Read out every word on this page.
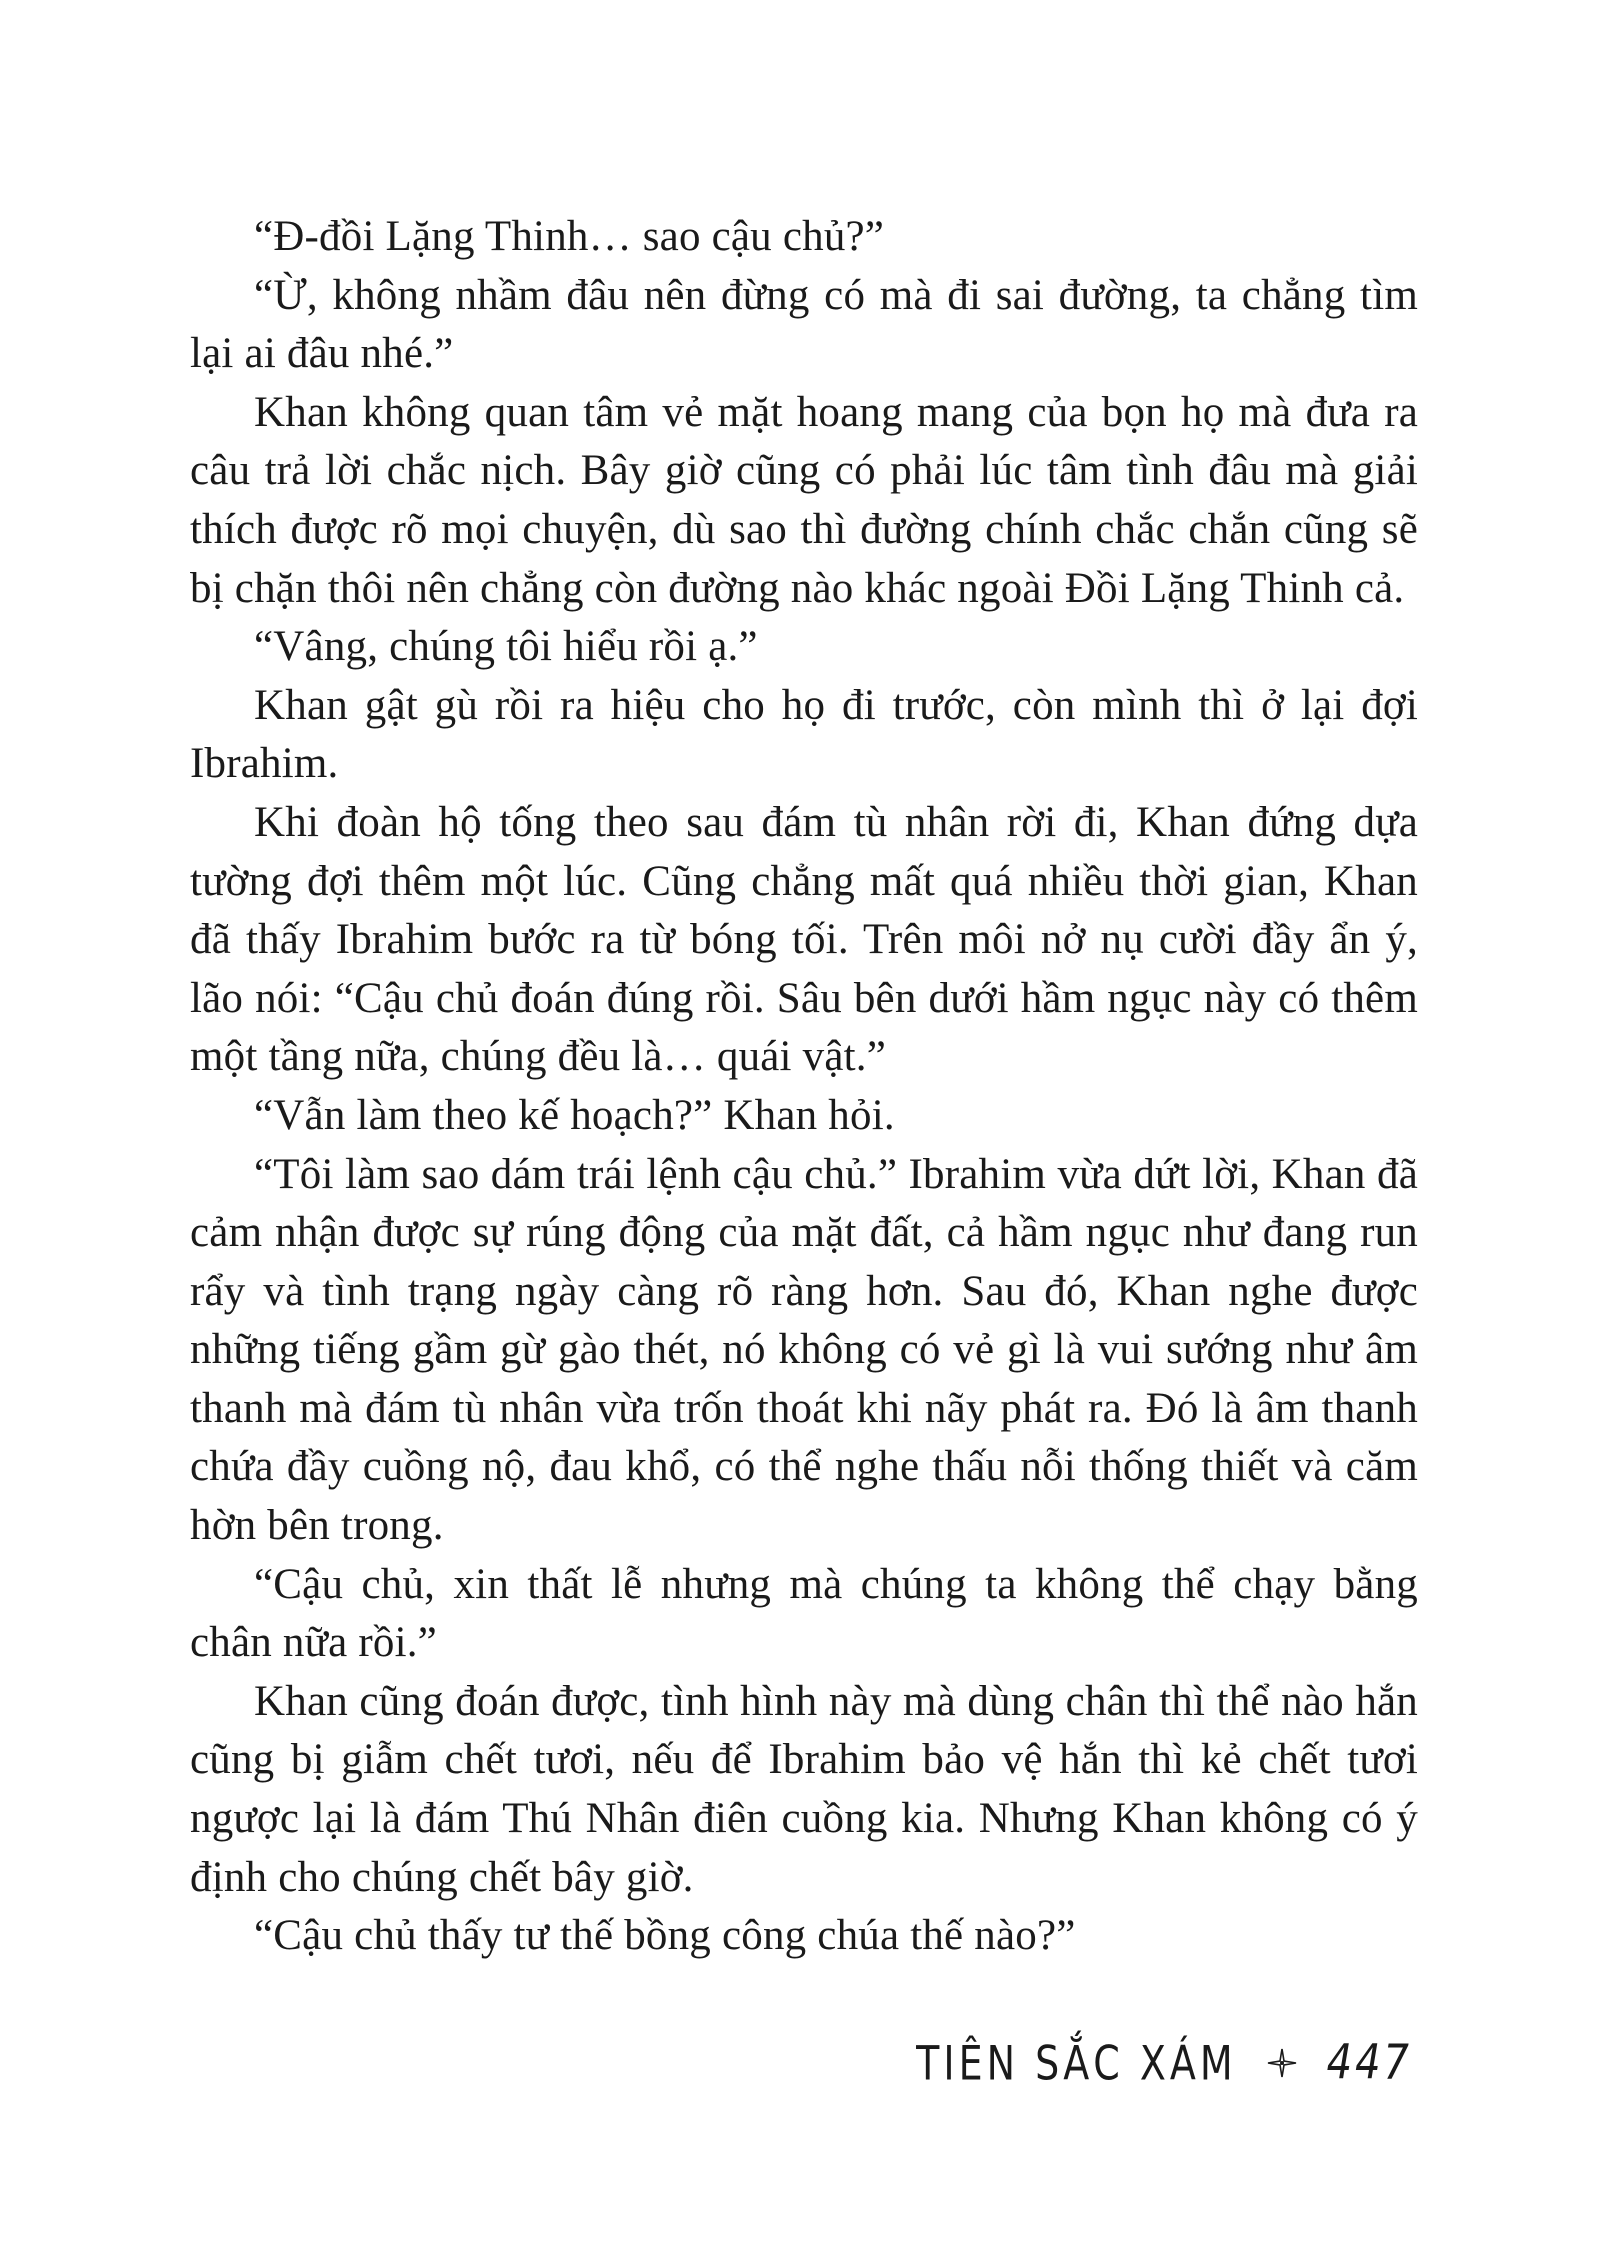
“Đ-đồi Lặng Thinh… sao cậu chủ?”

“Ừ, không nhầm đâu nên đừng có mà đi sai đường, ta chẳng tìm lại ai đâu nhé.”

Khan không quan tâm vẻ mặt hoang mang của bọn họ mà đưa ra câu trả lời chắc nịch. Bây giờ cũng có phải lúc tâm tình đâu mà giải thích được rõ mọi chuyện, dù sao thì đường chính chắc chắn cũng sẽ bị chặn thôi nên chẳng còn đường nào khác ngoài Đồi Lặng Thinh cả.

“Vâng, chúng tôi hiểu rồi ạ.”

Khan gật gù rồi ra hiệu cho họ đi trước, còn mình thì ở lại đợi Ibrahim.

Khi đoàn hộ tống theo sau đám tù nhân rời đi, Khan đứng dựa tường đợi thêm một lúc. Cũng chẳng mất quá nhiều thời gian, Khan đã thấy Ibrahim bước ra từ bóng tối. Trên môi nở nụ cười đầy ẩn ý, lão nói: “Cậu chủ đoán đúng rồi. Sâu bên dưới hầm ngục này có thêm một tầng nữa, chúng đều là… quái vật.”

“Vẫn làm theo kế hoạch?” Khan hỏi.

“Tôi làm sao dám trái lệnh cậu chủ.” Ibrahim vừa dứt lời, Khan đã cảm nhận được sự rúng động của mặt đất, cả hầm ngục như đang run rẩy và tình trạng ngày càng rõ ràng hơn. Sau đó, Khan nghe được những tiếng gầm gừ gào thét, nó không có vẻ gì là vui sướng như âm thanh mà đám tù nhân vừa trốn thoát khi nãy phát ra. Đó là âm thanh chứa đầy cuồng nộ, đau khổ, có thể nghe thấu nỗi thống thiết và căm hờn bên trong.

“Cậu chủ, xin thất lễ nhưng mà chúng ta không thể chạy bằng chân nữa rồi.”

Khan cũng đoán được, tình hình này mà dùng chân thì thể nào hắn cũng bị giẫm chết tươi, nếu để Ibrahim bảo vệ hắn thì kẻ chết tươi ngược lại là đám Thú Nhân điên cuồng kia. Nhưng Khan không có ý định cho chúng chết bây giờ.

“Cậu chủ thấy tư thế bồng công chúa thế nào?”

TIÊN SẮC XÁM 447
